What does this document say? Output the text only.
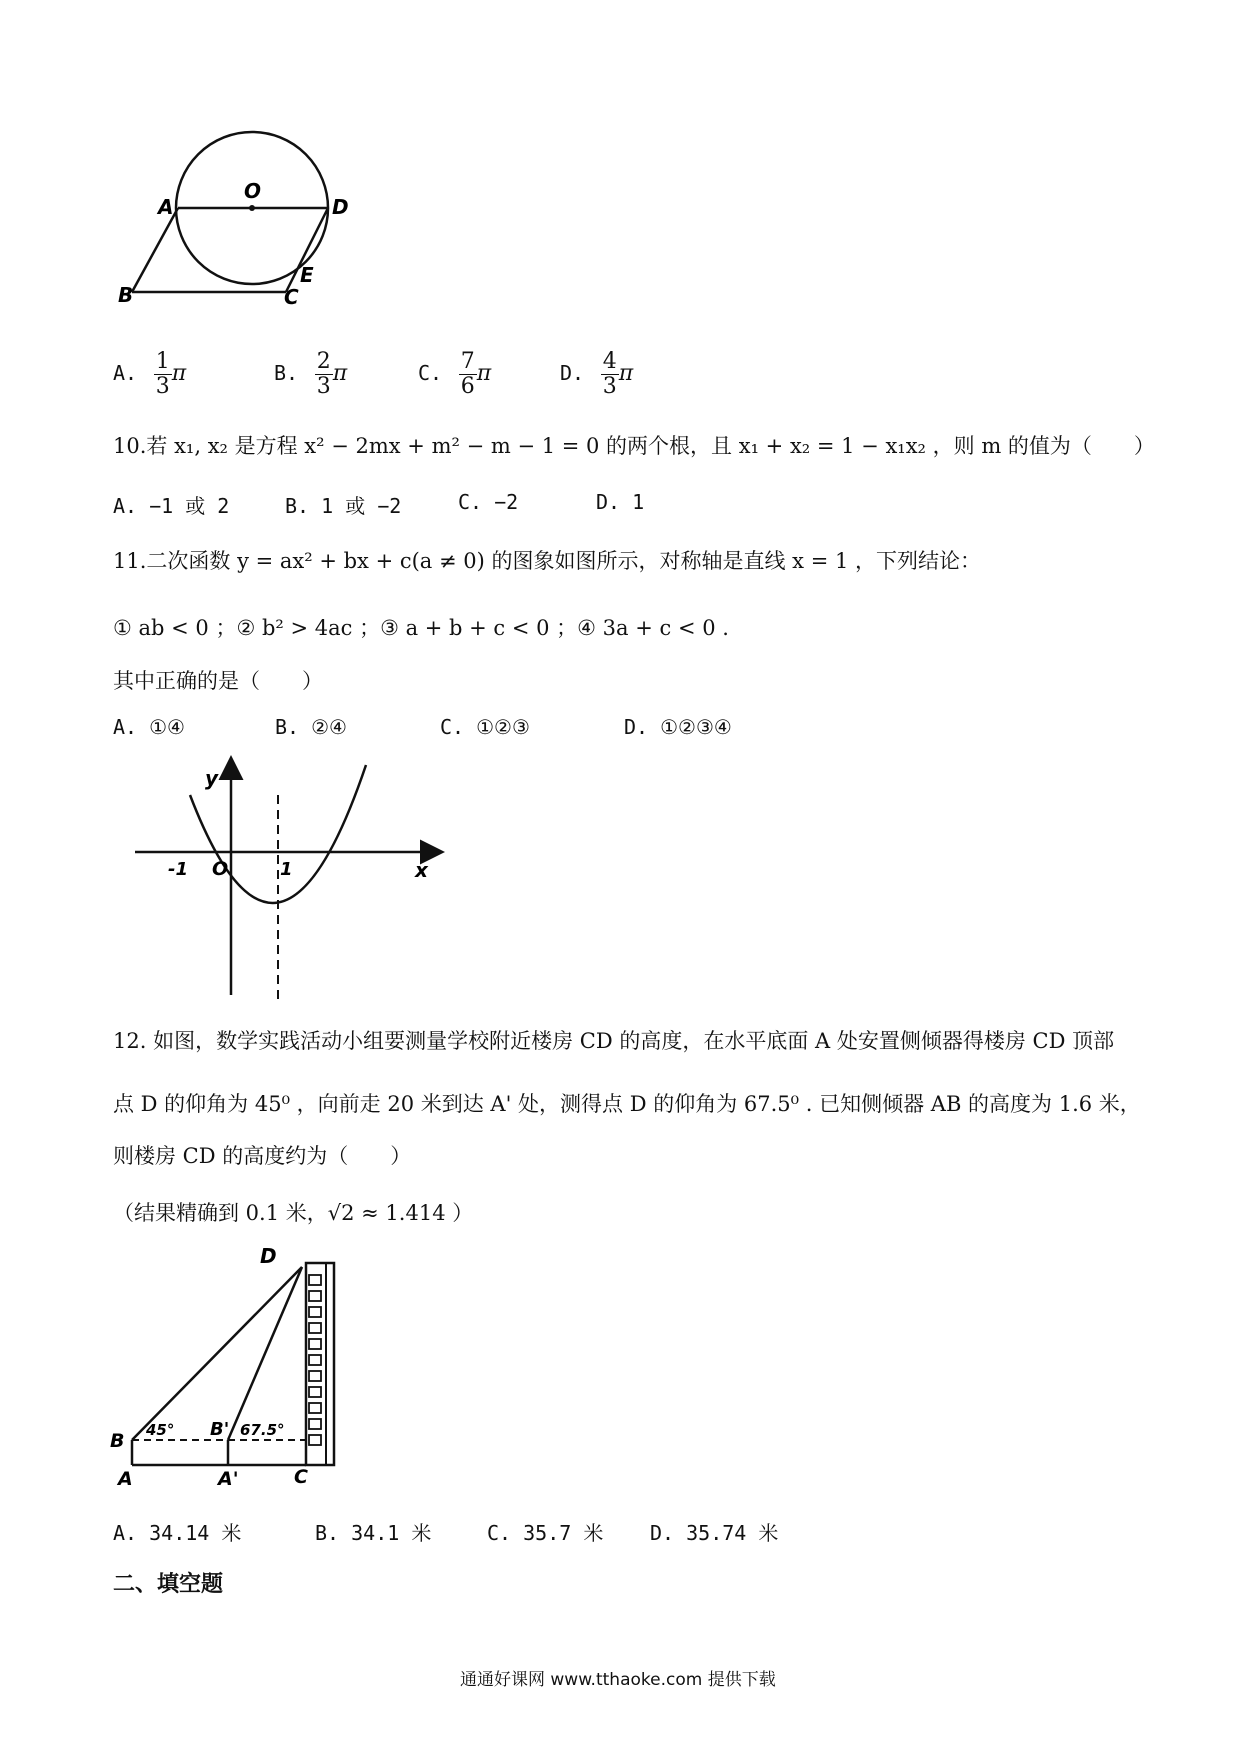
O
A	D
B	C
E
A. $\frac{1}{3}$ π	B. $\frac{2}{3}$ π	C. $\frac{7}{6}$ π	D. $\frac{4}{3}$ π
10.若 x₁, x₂ 是方程 x² − 2mx + m² − m − 1 = 0 的两个根，且 x₁ + x₂ = 1 − x₁x₂ ，则 m 的值为（　　）
A. −1 或 2	B. 1 或 −2	C. −2	D. 1
11.二次函数 y = ax² + bx + c(a ≠ 0) 的图象如图所示，对称轴是直线 x = 1 ，下列结论：
① ab < 0 ；② b² > 4ac ；③ a + b + c < 0 ；④ 3a + c < 0 .
其中正确的是（　　）
A. ①④	B. ②④	C. ①②③	D. ①②③④
y
x
O
-1	1
12. 如图，数学实践活动小组要测量学校附近楼房 CD 的高度，在水平底面 A 处安置侧倾器得楼房 CD 顶部
点 D 的仰角为 45⁰ ，向前走 20 米到达 A' 处，测得点 D 的仰角为 67.5⁰ . 已知侧倾器 AB 的高度为 1.6 米，
则楼房 CD 的高度约为（　　）
（结果精确到 0.1 米，√2 ≈ 1.414 ）
D
B
B'
A	A'	C
45°	67.5°
A. 34.14 米	B. 34.1 米	C. 35.7 米 D. 35.74 米
二、填空题
通通好课网 www.tthaoke.com 提供下载
